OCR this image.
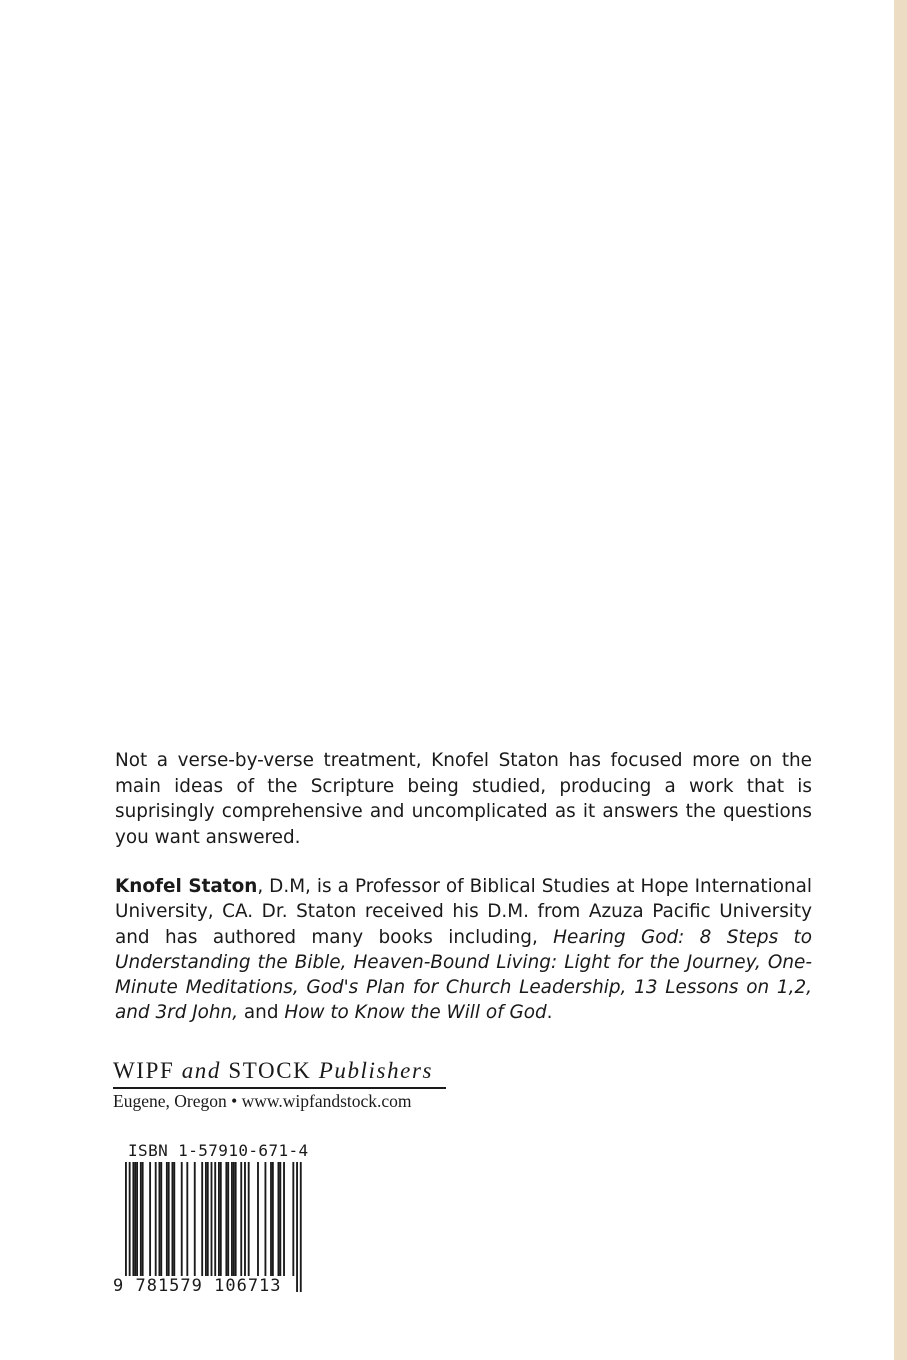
Not a verse-by-verse treatment, Knofel Staton has focused more on the main ideas of the Scripture being studied, producing a work that is suprisingly comprehensive and uncomplicated as it answers the questions you want answered.

Knofel Staton, D.M, is a Professor of Biblical Studies at Hope International University, CA. Dr. Staton received his D.M. from Azuza Pacific University and has authored many books including, Hearing God: 8 Steps to Understanding the Bible, Heaven-Bound Living: Light for the Journey, One-Minute Meditations, God's Plan for Church Leadership, 13 Lessons on 1,2, and 3rd John, and How to Know the Will of God.

WIPF and STOCK Publishers
Eugene, Oregon • www.wipfandstock.com
ISBN 1-57910-671-4
9 781579 106713
